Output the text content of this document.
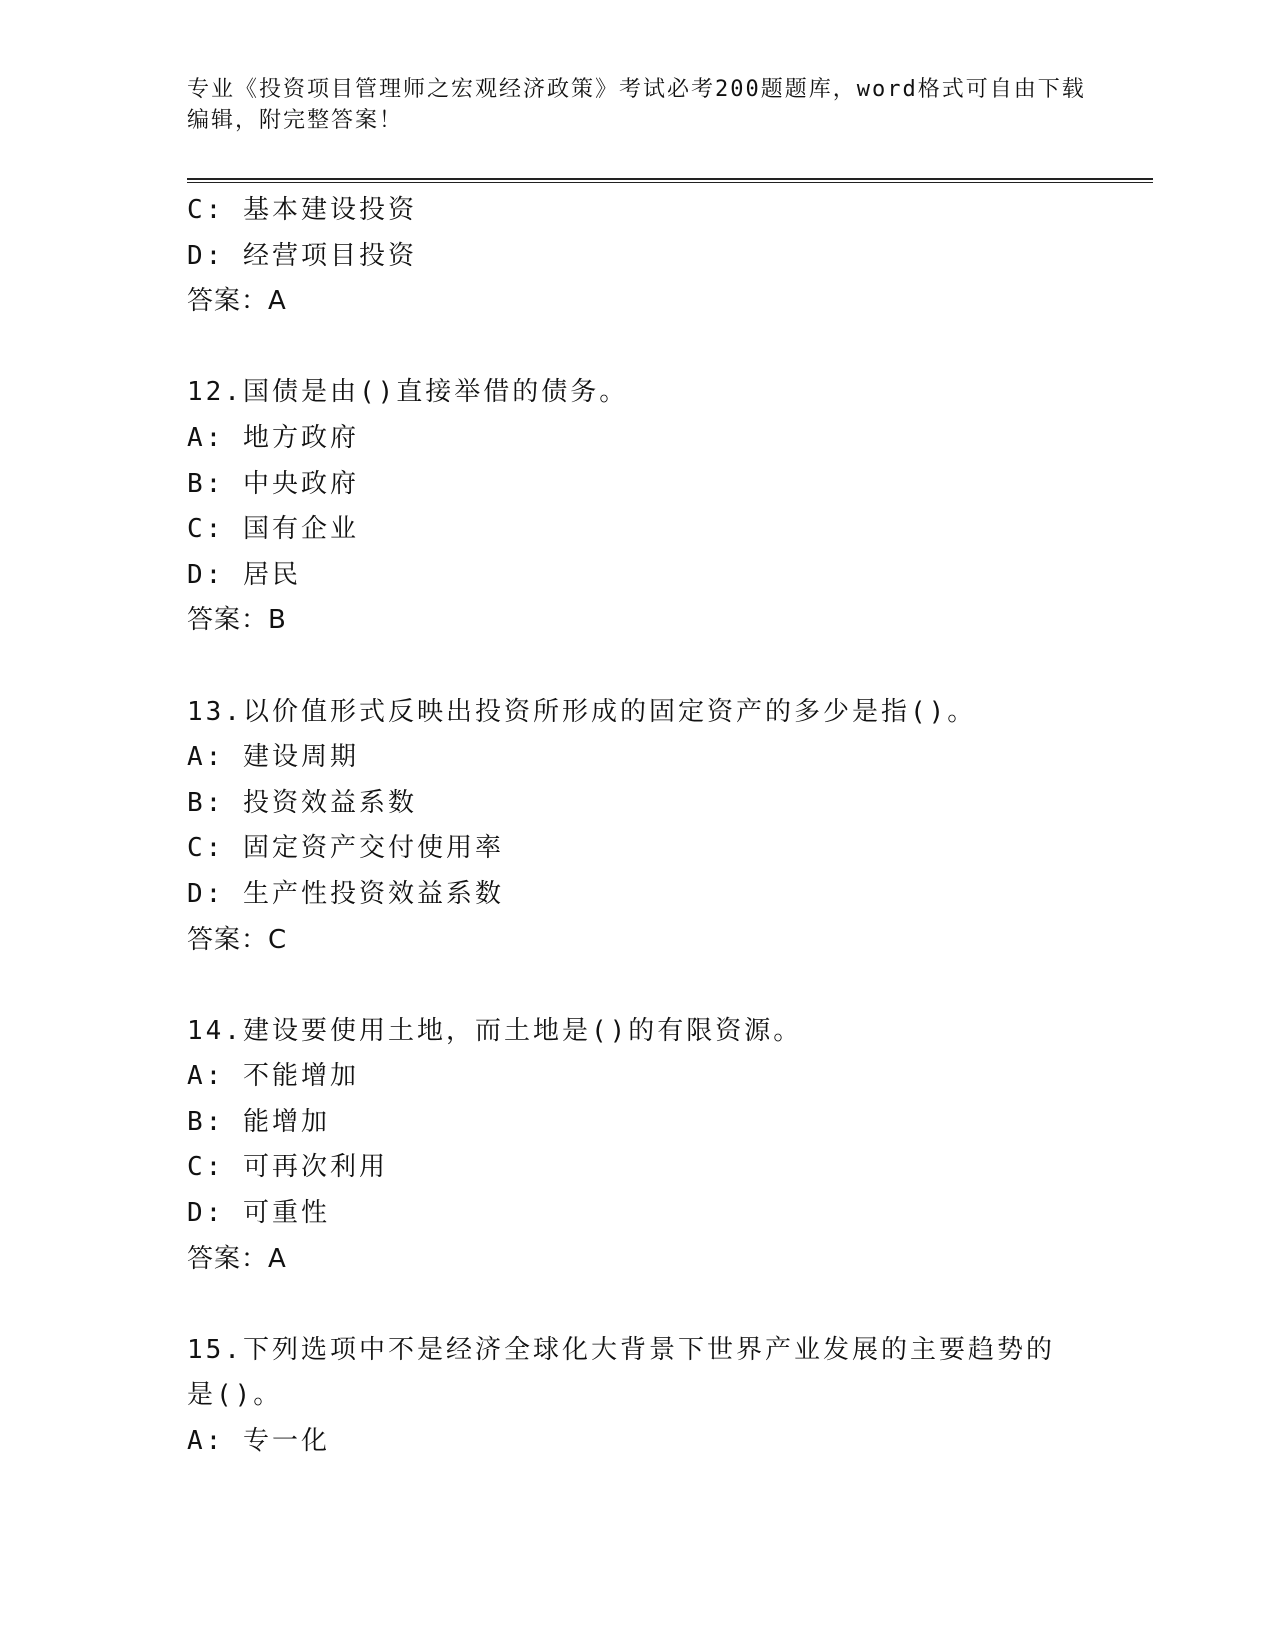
专业《投资项目管理师之宏观经济政策》考试必考200题题库，word格式可自由下载编辑，附完整答案！
C: 基本建设投资
D: 经营项目投资
答案：A
12.国债是由()直接举借的债务。
A: 地方政府
B: 中央政府
C: 国有企业
D: 居民
答案：B
13.以价值形式反映出投资所形成的固定资产的多少是指()。
A: 建设周期
B: 投资效益系数
C: 固定资产交付使用率
D: 生产性投资效益系数
答案：C
14.建设要使用土地，而土地是()的有限资源。
A: 不能增加
B: 能增加
C: 可再次利用
D: 可重性
答案：A
15.下列选项中不是经济全球化大背景下世界产业发展的主要趋势的是()。
A: 专一化
